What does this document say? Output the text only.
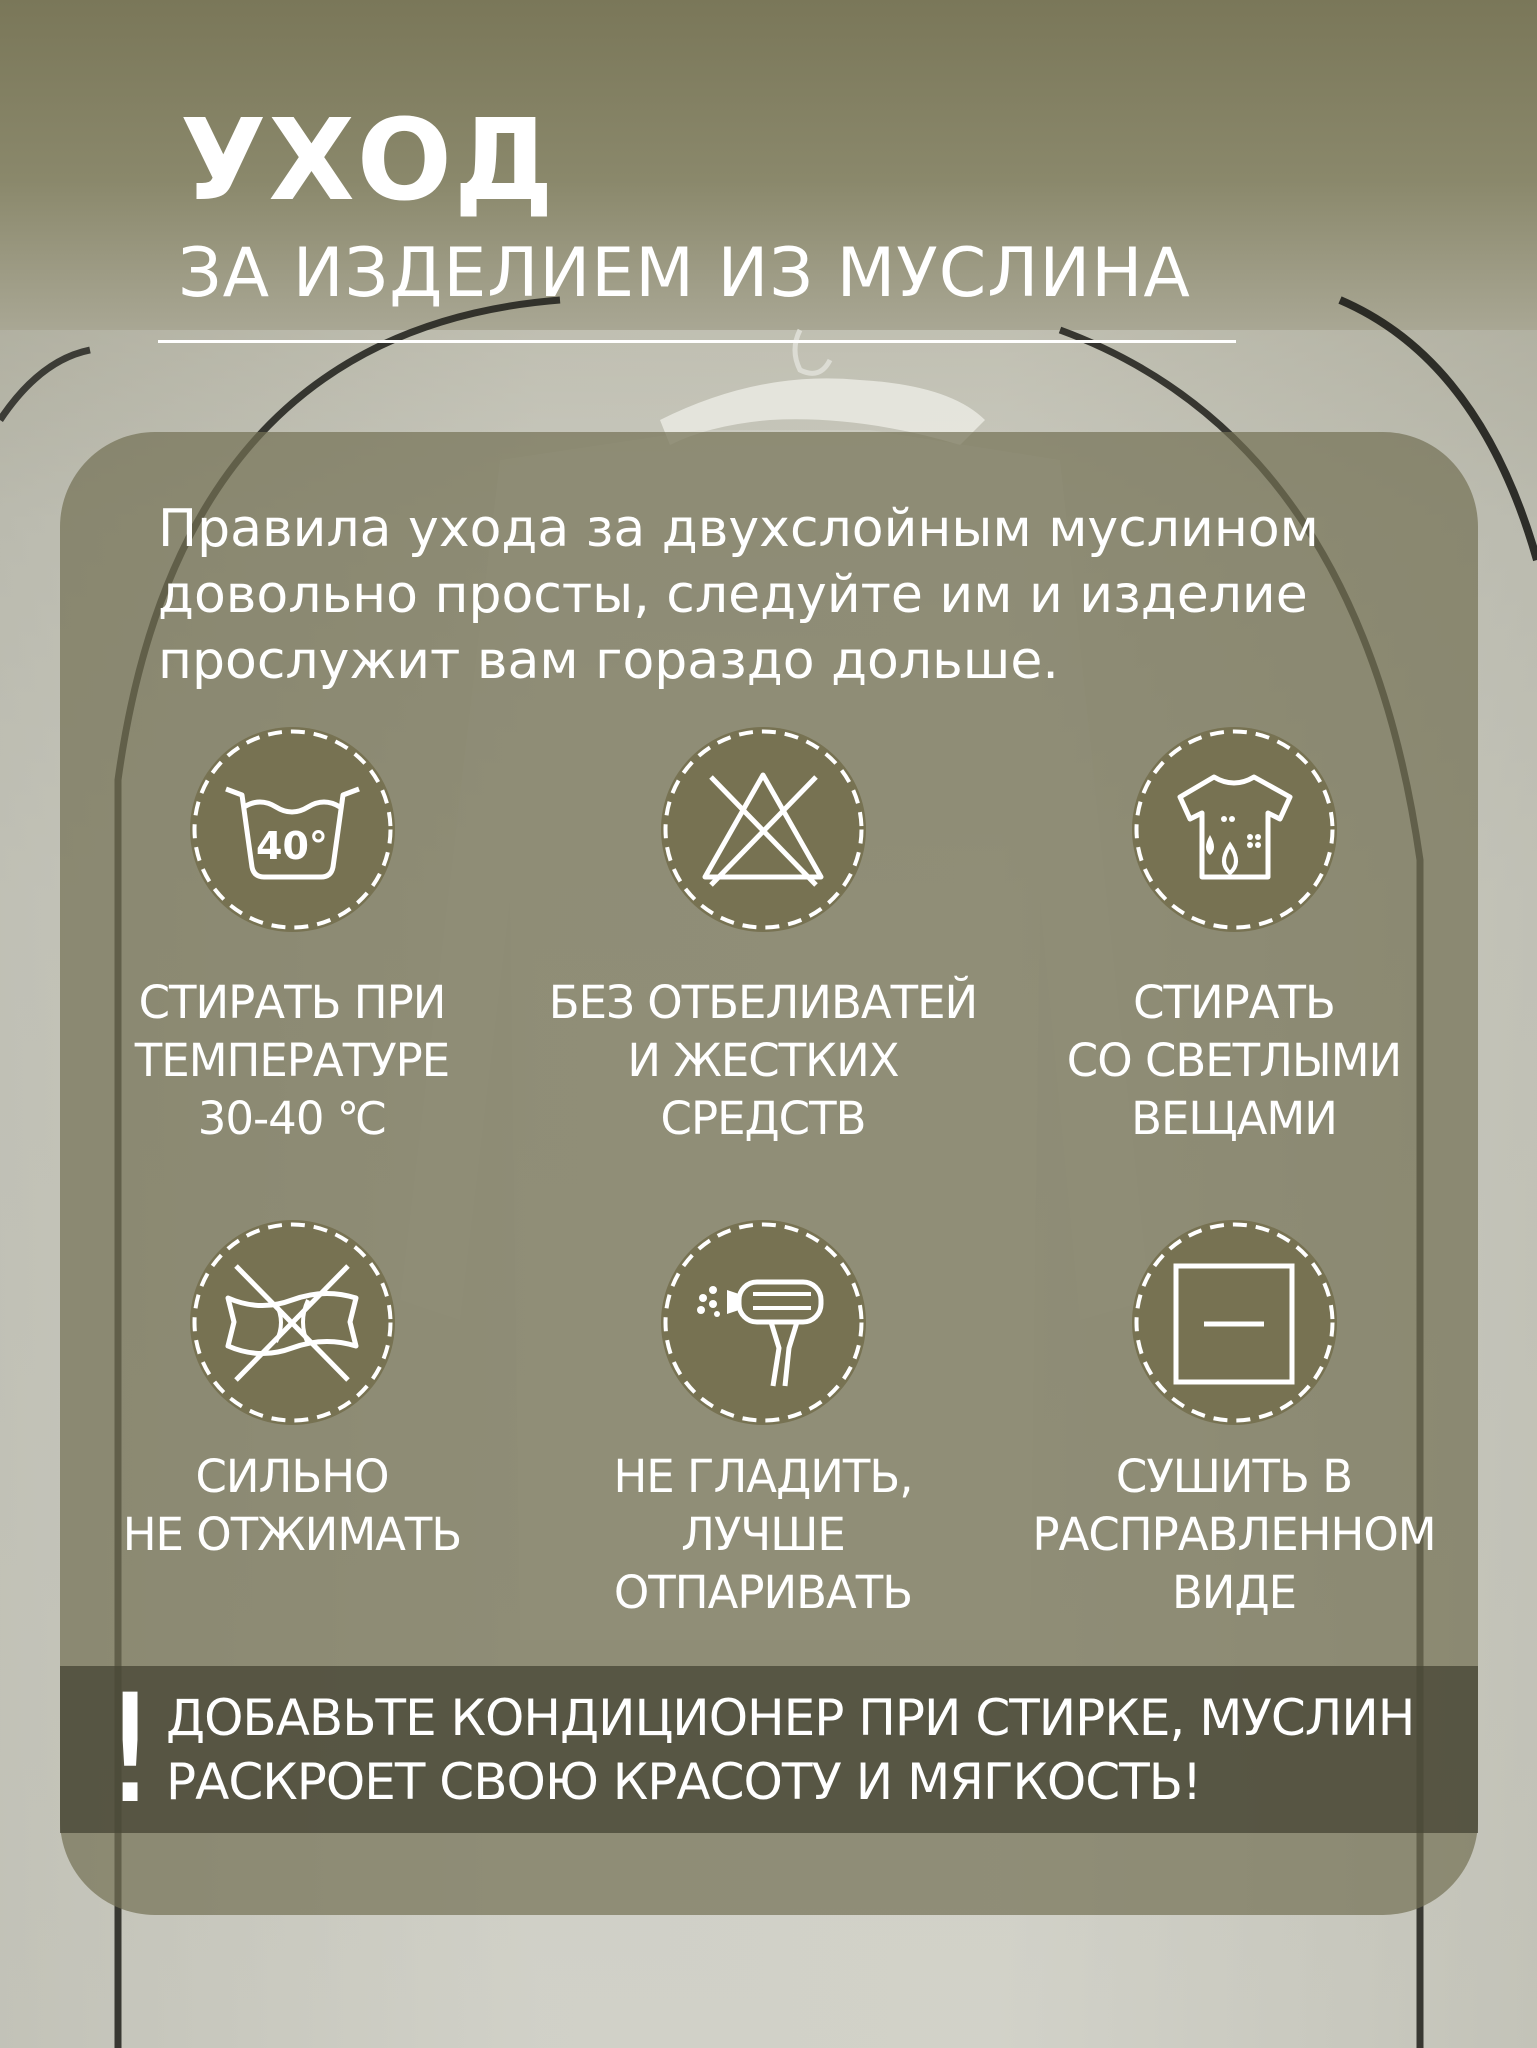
УХОД
ЗА ИЗДЕЛИЕМ ИЗ МУСЛИНА
Правила ухода за двухслойным муслином
довольно просты, следуйте им и изделие
прослужит вам гораздо дольше.
40°
СТИРАТЬ ПРИ
ТЕМПЕРАТУРЕ
30-40 ℃
БЕЗ ОТБЕЛИВАТЕЙ
И ЖЕСТКИХ
СРЕДСТВ
СТИРАТЬ
СО СВЕТЛЫМИ
ВЕЩАМИ
СИЛЬНО
НЕ ОТЖИМАТЬ
НЕ ГЛАДИТЬ,
ЛУЧШЕ
ОТПАРИВАТЬ
СУШИТЬ В
РАСПРАВЛЕННОМ
ВИДЕ
! ДОБАВЬТЕ КОНДИЦИОНЕР ПРИ СТИРКЕ, МУСЛИН
РАСКРОЕТ СВОЮ КРАСОТУ И МЯГКОСТЬ!
